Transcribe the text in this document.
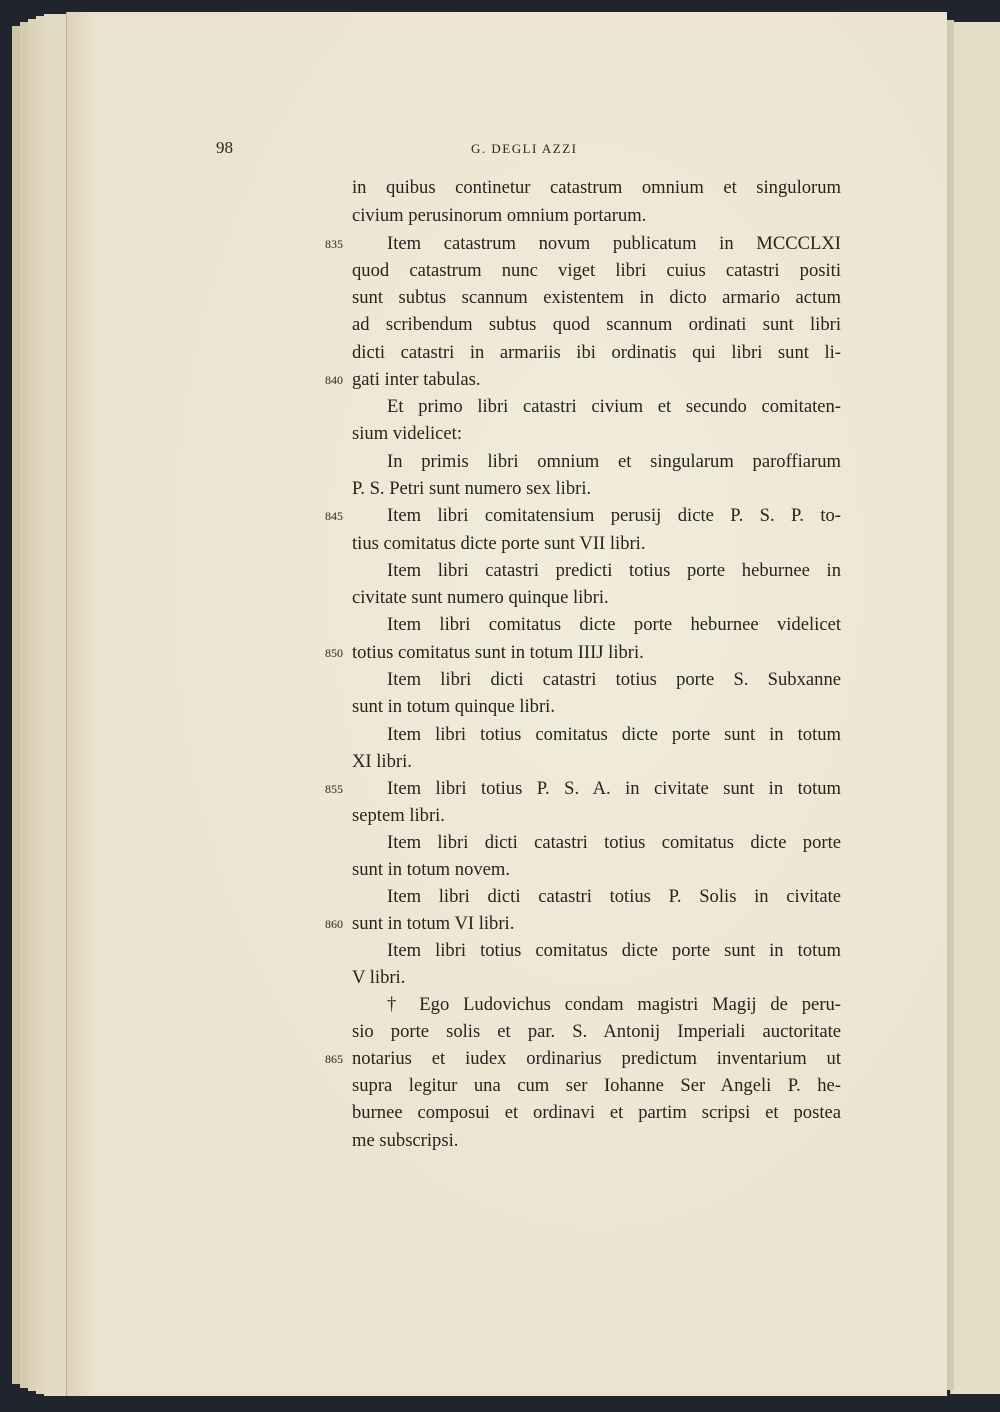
98	G. DEGLI AZZI
in quibus continetur catastrum omnium et singulorum
civium perusinorum omnium portarum.
835	Item catastrum novum publicatum in MCCCLXI
quod catastrum nunc viget libri cuius catastri positi
sunt subtus scannum existentem in dicto armario actum
ad scribendum subtus quod scannum ordinati sunt libri
dicti catastri in armariis ibi ordinatis qui libri sunt li-
840 gati inter tabulas.
Et primo libri catastri civium et secundo comitaten-
sium videlicet:
In primis libri omnium et singularum paroffiarum
P. S. Petri sunt numero sex libri.
845	Item libri comitatensium perusij dicte P. S. P. to-
tius comitatus dicte porte sunt VII libri.
Item libri catastri predicti totius porte heburnee in
civitate sunt numero quinque libri.
Item libri comitatus dicte porte heburnee videlicet
850 totius comitatus sunt in totum IIIJ libri.
Item libri dicti catastri totius porte S. Subxanne
sunt in totum quinque libri.
Item libri totius comitatus dicte porte sunt in totum
XI libri.
855	Item libri totius P. S. A. in civitate sunt in totum
septem libri.
Item libri dicti catastri totius comitatus dicte porte
sunt in totum novem.
Item libri dicti catastri totius P. Solis in civitate
860 sunt in totum VI libri.
Item libri totius comitatus dicte porte sunt in totum
V libri.
† Ego Ludovichus condam magistri Magij de peru-
sio porte solis et par. S. Antonij Imperiali auctoritate
865 notarius et iudex ordinarius predictum inventarium ut
supra legitur una cum ser Iohanne Ser Angeli P. he-
burnee composui et ordinavi et partim scripsi et postea
me subscripsi.
